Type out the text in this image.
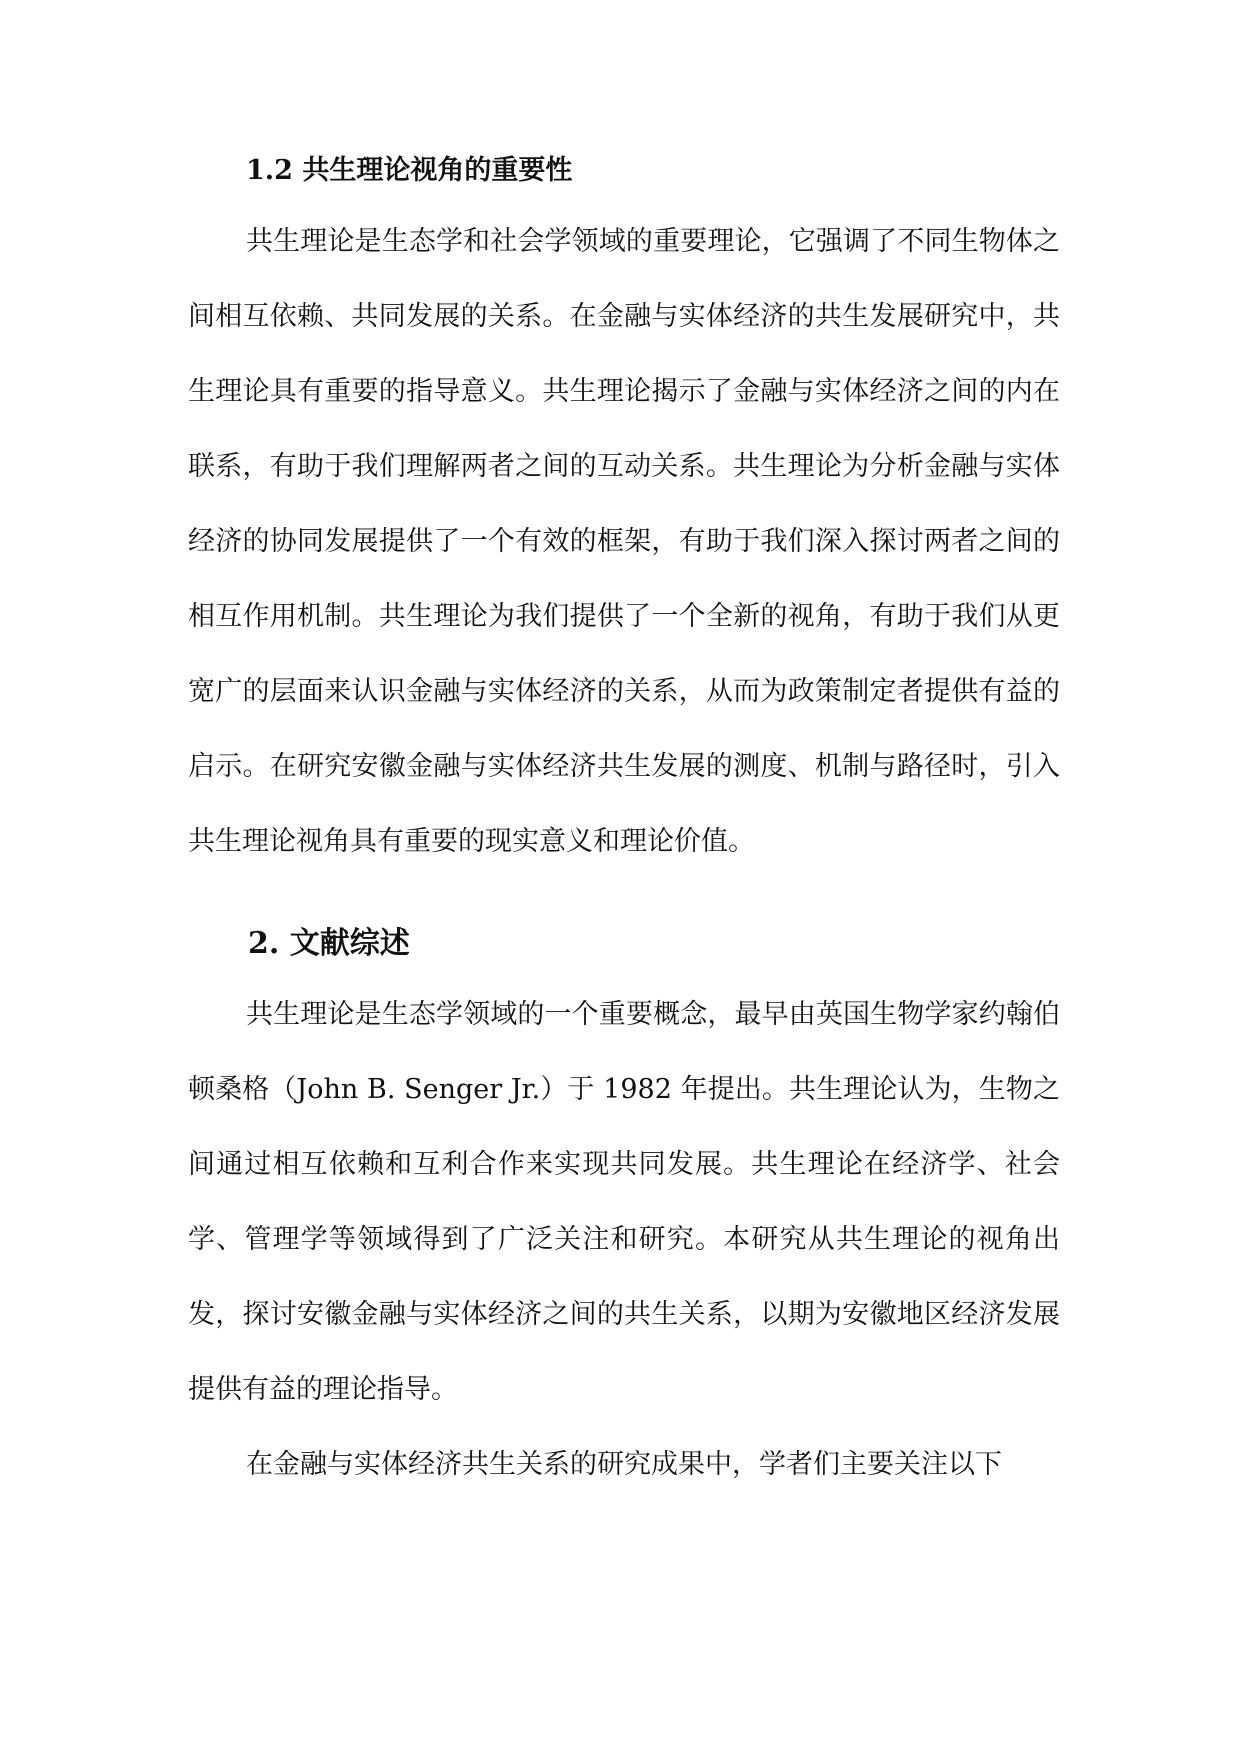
1.2 共生理论视角的重要性

共生理论是生态学和社会学领域的重要理论，它强调了不同生物体之间相互依赖、共同发展的关系。在金融与实体经济的共生发展研究中，共生理论具有重要的指导意义。共生理论揭示了金融与实体经济之间的内在联系，有助于我们理解两者之间的互动关系。共生理论为分析金融与实体经济的协同发展提供了一个有效的框架，有助于我们深入探讨两者之间的相互作用机制。共生理论为我们提供了一个全新的视角，有助于我们从更宽广的层面来认识金融与实体经济的关系，从而为政策制定者提供有益的启示。在研究安徽金融与实体经济共生发展的测度、机制与路径时，引入共生理论视角具有重要的现实意义和理论价值。

2. 文献综述

共生理论是生态学领域的一个重要概念，最早由英国生物学家约翰伯顿桑格（John B. Senger Jr.）于 1982 年提出。共生理论认为，生物之间通过相互依赖和互利合作来实现共同发展。共生理论在经济学、社会学、管理学等领域得到了广泛关注和研究。本研究从共生理论的视角出发，探讨安徽金融与实体经济之间的共生关系，以期为安徽地区经济发展提供有益的理论指导。

在金融与实体经济共生关系的研究成果中，学者们主要关注以下
